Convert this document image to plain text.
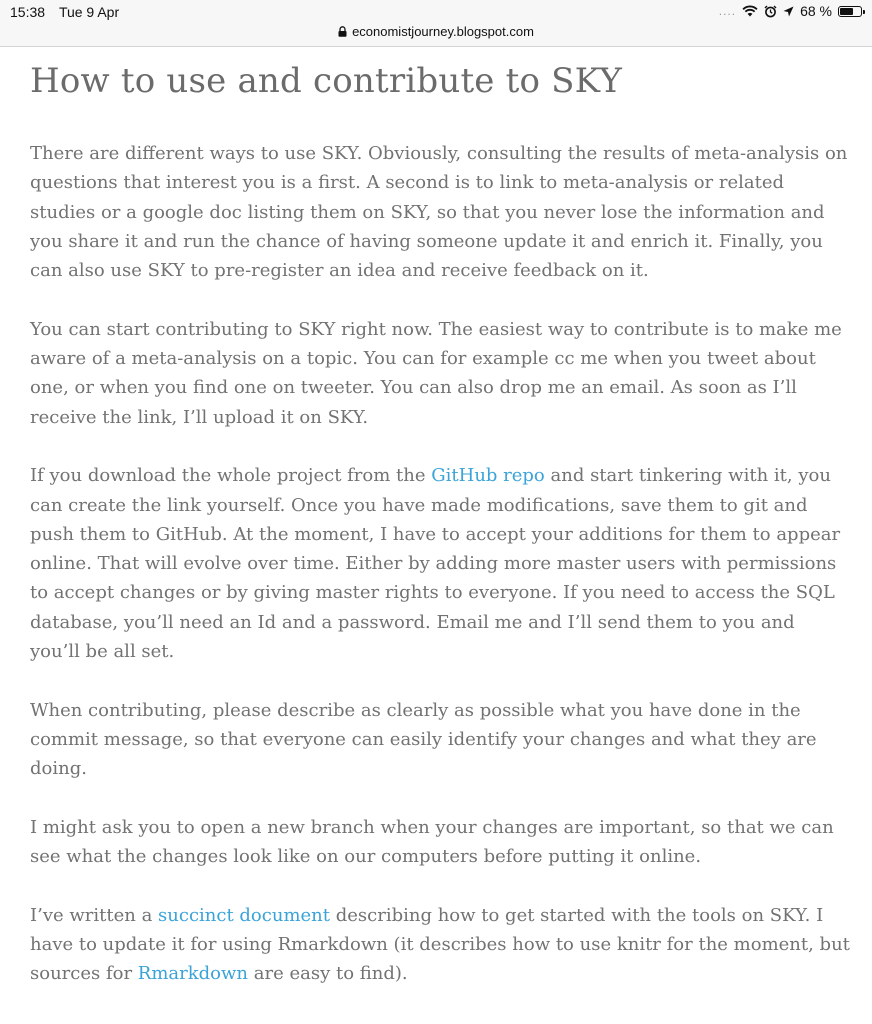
15:38 Tue 9 Apr	....	68 %
economistjourney.blogspot.com
How to use and contribute to SKY

There are different ways to use SKY. Obviously, consulting the results of meta-analysis on questions that interest you is a first. A second is to link to meta-analysis or related studies or a google doc listing them on SKY, so that you never lose the information and you share it and run the chance of having someone update it and enrich it. Finally, you can also use SKY to pre-register an idea and receive feedback on it.

You can start contributing to SKY right now. The easiest way to contribute is to make me aware of a meta-analysis on a topic. You can for example cc me when you tweet about one, or when you find one on tweeter. You can also drop me an email. As soon as I’ll receive the link, I’ll upload it on SKY.

If you download the whole project from the GitHub repo and start tinkering with it, you can create the link yourself. Once you have made modifications, save them to git and push them to GitHub. At the moment, I have to accept your additions for them to appear online. That will evolve over time. Either by adding more master users with permissions to accept changes or by giving master rights to everyone. If you need to access the SQL database, you’ll need an Id and a password. Email me and I’ll send them to you and you’ll be all set.

When contributing, please describe as clearly as possible what you have done in the commit message, so that everyone can easily identify your changes and what they are doing.

I might ask you to open a new branch when your changes are important, so that we can see what the changes look like on our computers before putting it online.

I’ve written a succinct document describing how to get started with the tools on SKY. I have to update it for using Rmarkdown (it describes how to use knitr for the moment, but sources for Rmarkdown are easy to find).
